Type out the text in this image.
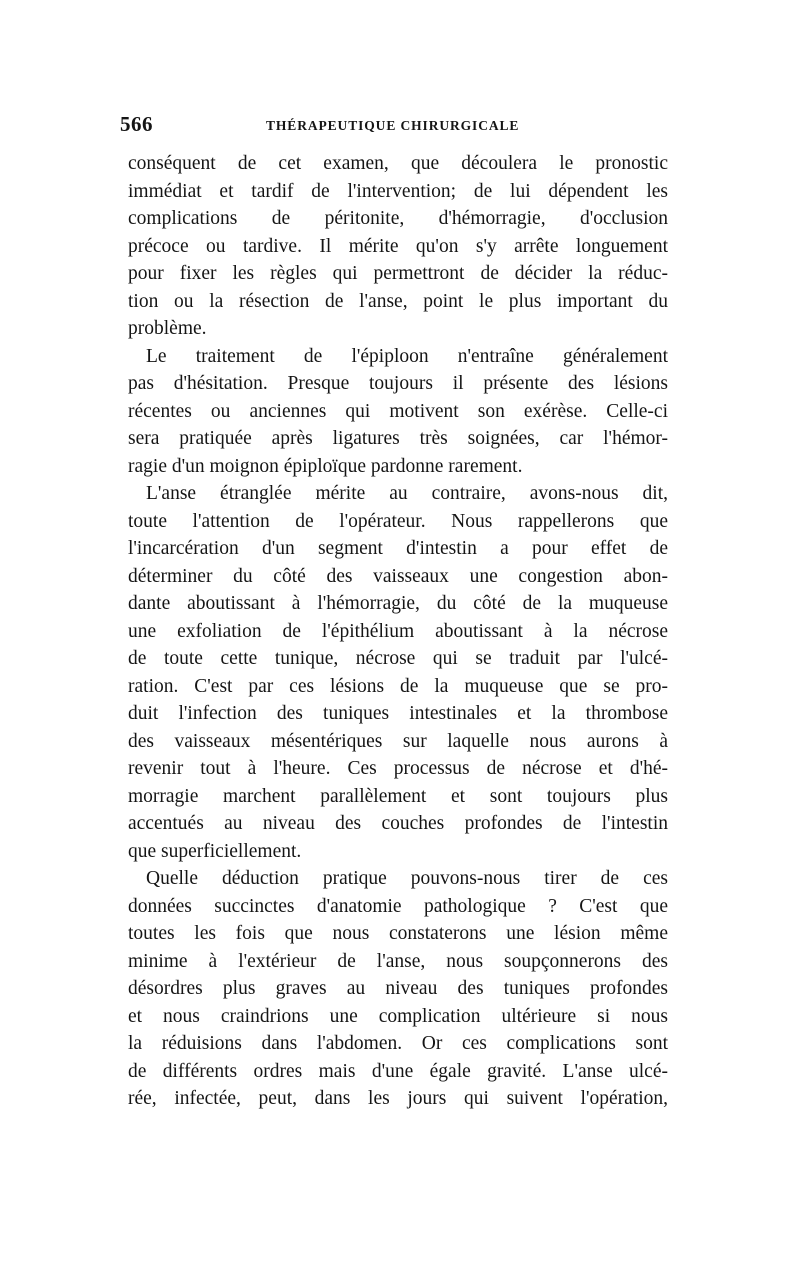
566	THÉRAPEUTIQUE CHIRURGICALE
conséquent de cet examen, que découlera le pronostic
immédiat et tardif de l'intervention; de lui dépendent les
complications de péritonite, d'hémorragie, d'occlusion
précoce ou tardive. Il mérite qu'on s'y arrête longuement
pour fixer les règles qui permettront de décider la réduc-
tion ou la résection de l'anse, point le plus important du
problème.
Le traitement de l'épiploon n'entraîne généralement
pas d'hésitation. Presque toujours il présente des lésions
récentes ou anciennes qui motivent son exérèse. Celle-ci
sera pratiquée après ligatures très soignées, car l'hémor-
ragie d'un moignon épiploïque pardonne rarement.
L'anse étranglée mérite au contraire, avons-nous dit,
toute l'attention de l'opérateur. Nous rappellerons que
l'incarcération d'un segment d'intestin a pour effet de
déterminer du côté des vaisseaux une congestion abon-
dante aboutissant à l'hémorragie, du côté de la muqueuse
une exfoliation de l'épithélium aboutissant à la nécrose
de toute cette tunique, nécrose qui se traduit par l'ulcé-
ration. C'est par ces lésions de la muqueuse que se pro-
duit l'infection des tuniques intestinales et la thrombose
des vaisseaux mésentériques sur laquelle nous aurons à
revenir tout à l'heure. Ces processus de nécrose et d'hé-
morragie marchent parallèlement et sont toujours plus
accentués au niveau des couches profondes de l'intestin
que superficiellement.
Quelle déduction pratique pouvons-nous tirer de ces
données succinctes d'anatomie pathologique ? C'est que
toutes les fois que nous constaterons une lésion même
minime à l'extérieur de l'anse, nous soupçonnerons des
désordres plus graves au niveau des tuniques profondes
et nous craindrions une complication ultérieure si nous
la réduisions dans l'abdomen. Or ces complications sont
de différents ordres mais d'une égale gravité. L'anse ulcé-
rée, infectée, peut, dans les jours qui suivent l'opération,
